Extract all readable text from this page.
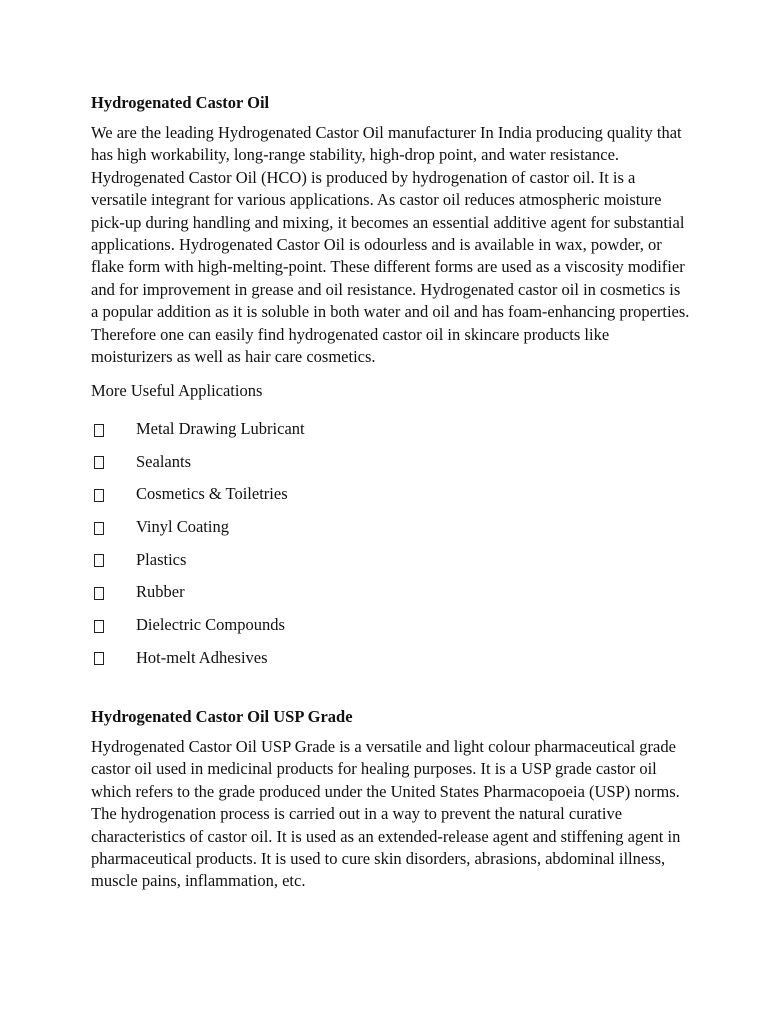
Hydrogenated Castor Oil

We are the leading Hydrogenated Castor Oil manufacturer In India producing quality that has high workability, long-range stability, high-drop point, and water resistance. Hydrogenated Castor Oil (HCO) is produced by hydrogenation of castor oil. It is a versatile integrant for various applications. As castor oil reduces atmospheric moisture pick-up during handling and mixing, it becomes an essential additive agent for substantial applications. Hydrogenated Castor Oil is odourless and is available in wax, powder, or flake form with high-melting-point. These different forms are used as a viscosity modifier and for improvement in grease and oil resistance. Hydrogenated castor oil in cosmetics is a popular addition as it is soluble in both water and oil and has foam-enhancing properties. Therefore one can easily find hydrogenated castor oil in skincare products like moisturizers as well as hair care cosmetics.

More Useful Applications
Metal Drawing Lubricant
Sealants
Cosmetics & Toiletries
Vinyl Coating
Plastics
Rubber
Dielectric Compounds
Hot-melt Adhesives
Hydrogenated Castor Oil USP Grade

Hydrogenated Castor Oil USP Grade is a versatile and light colour pharmaceutical grade castor oil used in medicinal products for healing purposes. It is a USP grade castor oil which refers to the grade produced under the United States Pharmacopoeia (USP) norms. The hydrogenation process is carried out in a way to prevent the natural curative characteristics of castor oil. It is used as an extended-release agent and stiffening agent in pharmaceutical products. It is used to cure skin disorders, abrasions, abdominal illness, muscle pains, inflammation, etc.
